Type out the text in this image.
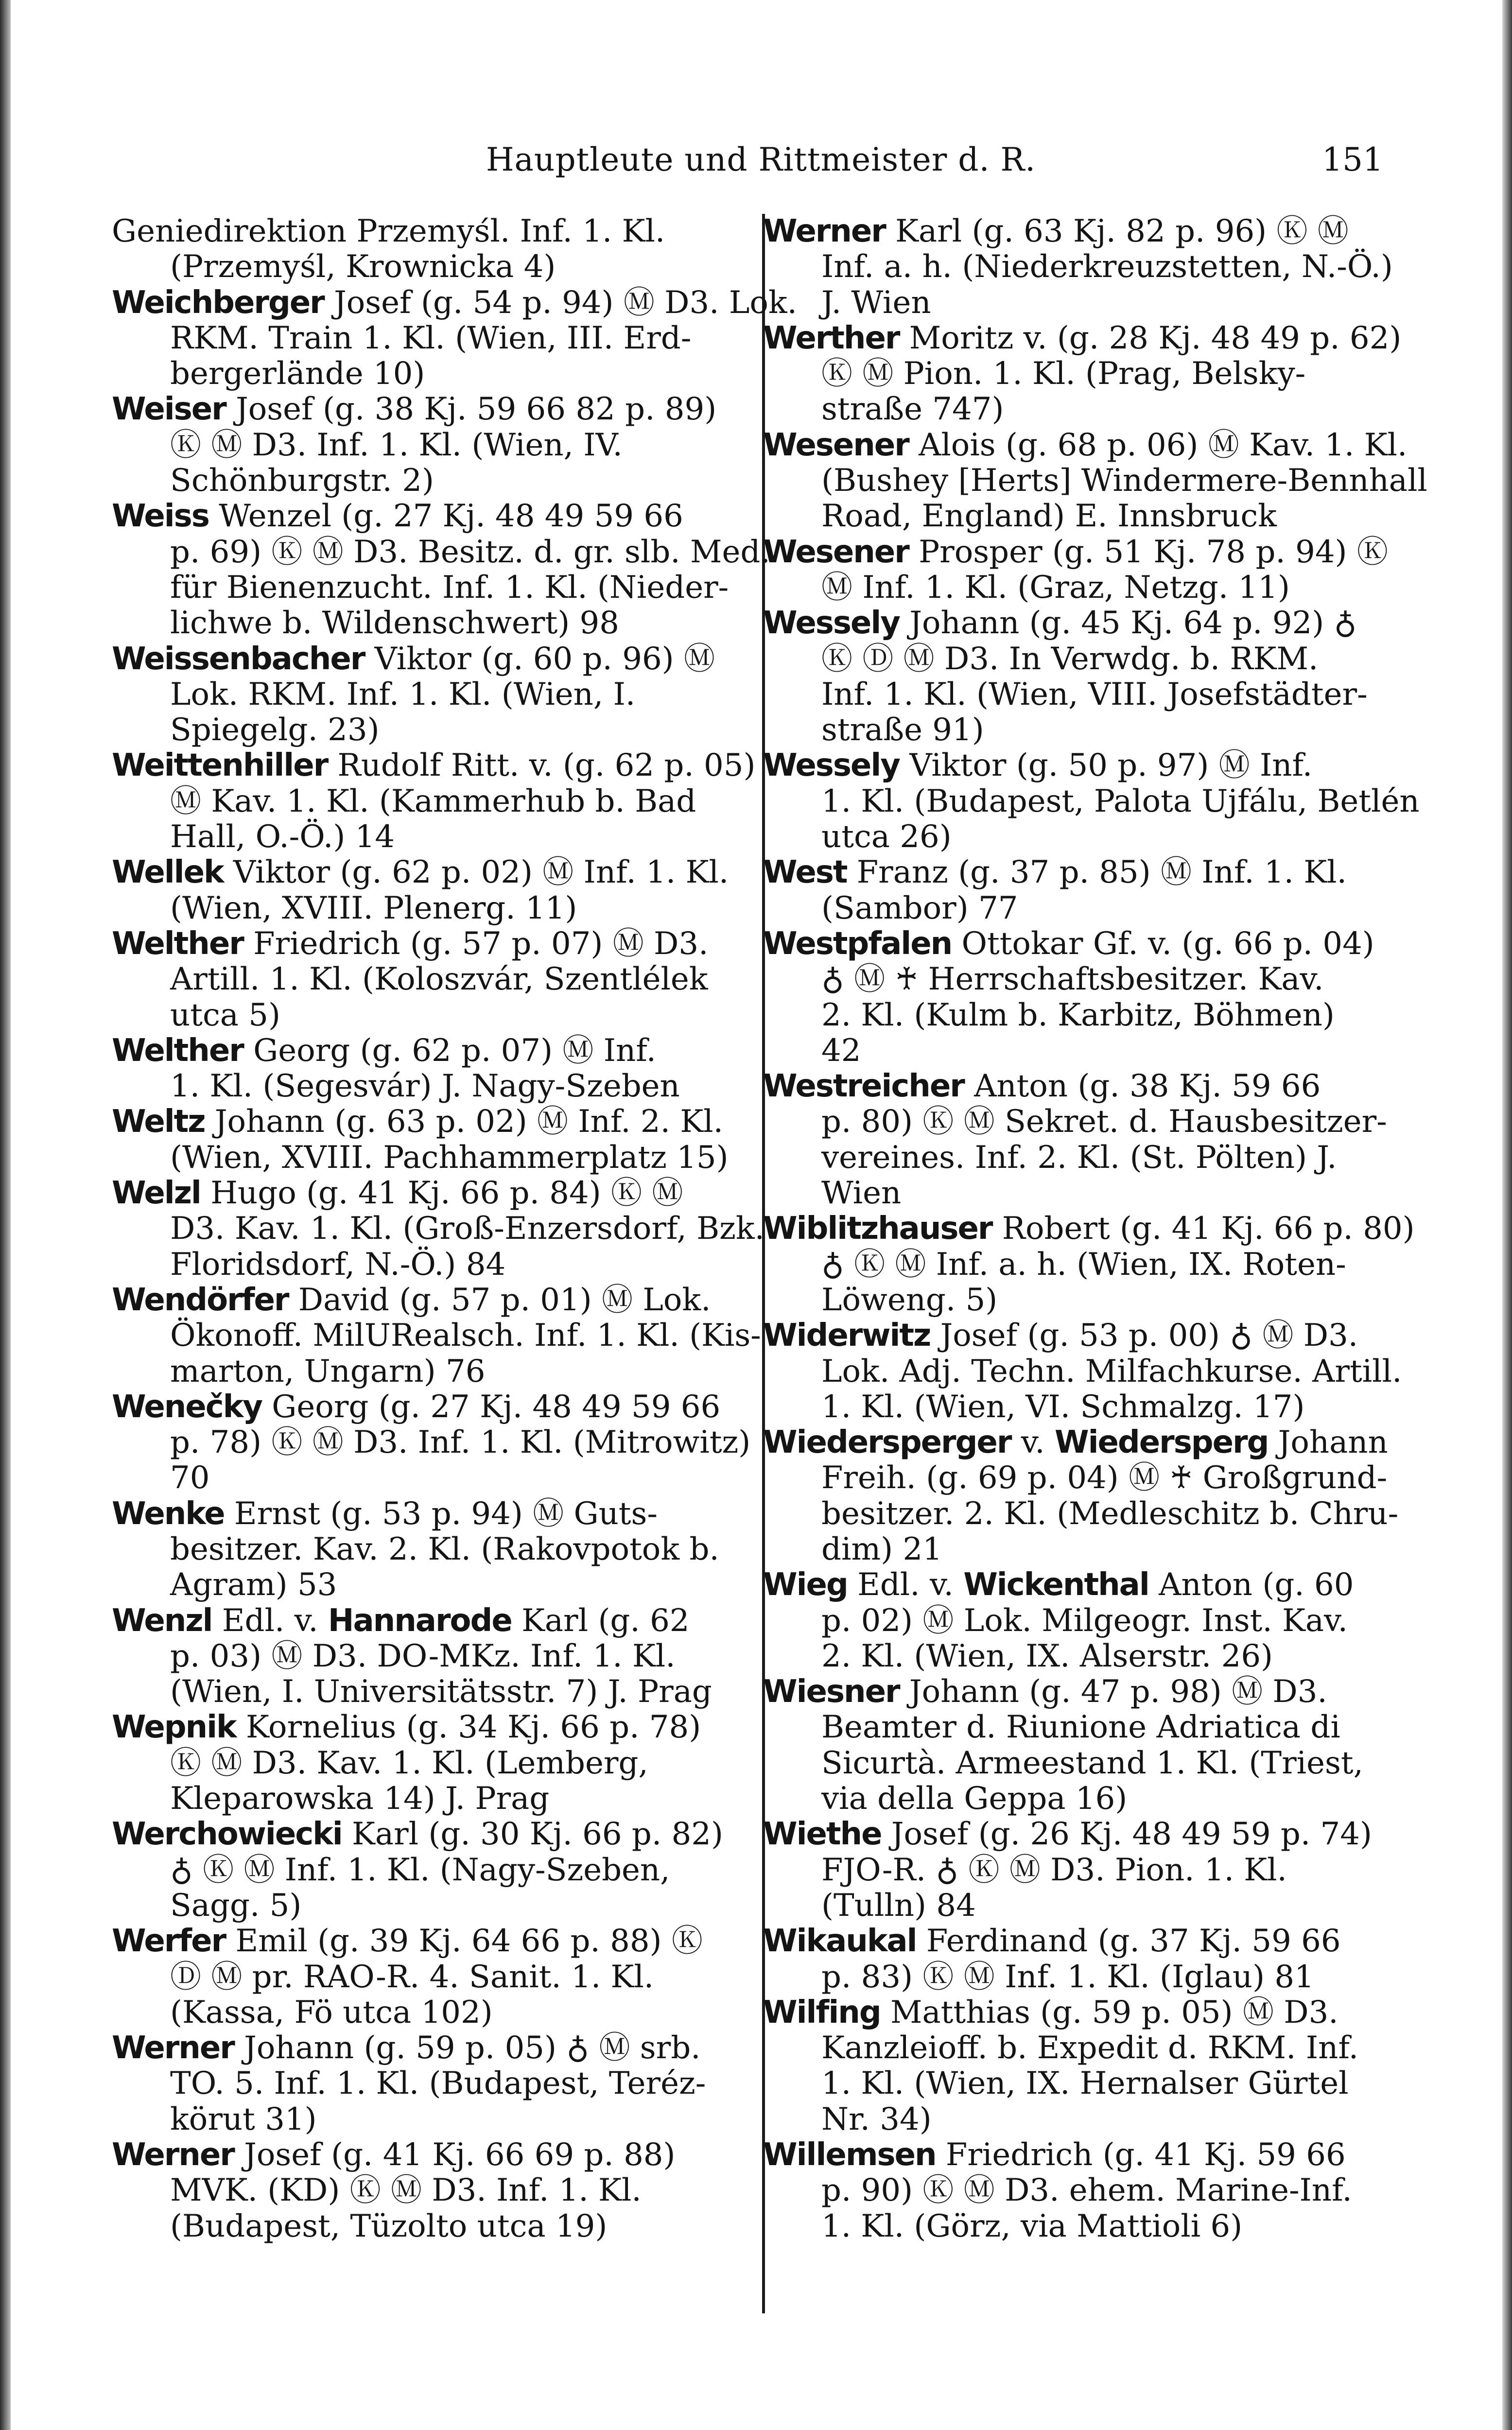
Hauptleute und Rittmeister d. R.	151
Geniedirektion Przemyśl. Inf. 1. Kl.
(Przemyśl, Krownicka 4)
Weichberger Josef (g. 54 p. 94) Ⓜ D3. Lok.
RKM. Train 1. Kl. (Wien, III. Erd-
bergerlände 10)
Weiser Josef (g. 38 Kj. 59 66 82 p. 89)
Ⓚ Ⓜ D3. Inf. 1. Kl. (Wien, IV.
Schönburgstr. 2)
Weiss Wenzel (g. 27 Kj. 48 49 59 66
p. 69) Ⓚ Ⓜ D3. Besitz. d. gr. slb. Med.
für Bienenzucht. Inf. 1. Kl. (Nieder-
lichwe b. Wildenschwert) 98
Weissenbacher Viktor (g. 60 p. 96) Ⓜ
Lok. RKM. Inf. 1. Kl. (Wien, I.
Spiegelg. 23)
Weittenhiller Rudolf Ritt. v. (g. 62 p. 05)
Ⓜ Kav. 1. Kl. (Kammerhub b. Bad
Hall, O.-Ö.) 14
Wellek Viktor (g. 62 p. 02) Ⓜ Inf. 1. Kl.
(Wien, XVIII. Plenerg. 11)
Welther Friedrich (g. 57 p. 07) Ⓜ D3.
Artill. 1. Kl. (Koloszvár, Szentlélek
utca 5)
Welther Georg (g. 62 p. 07) Ⓜ Inf.
1. Kl. (Segesvár) J. Nagy-Szeben
Weltz Johann (g. 63 p. 02) Ⓜ Inf. 2. Kl.
(Wien, XVIII. Pachhammerplatz 15)
Welzl Hugo (g. 41 Kj. 66 p. 84) Ⓚ Ⓜ
D3. Kav. 1. Kl. (Groß-Enzersdorf, Bzk.
Floridsdorf, N.-Ö.) 84
Wendörfer David (g. 57 p. 01) Ⓜ Lok.
Ökonoff. MilURealsch. Inf. 1. Kl. (Kis-
marton, Ungarn) 76
Wenečky Georg (g. 27 Kj. 48 49 59 66
p. 78) Ⓚ Ⓜ D3. Inf. 1. Kl. (Mitrowitz)
70
Wenke Ernst (g. 53 p. 94) Ⓜ Guts-
besitzer. Kav. 2. Kl. (Rakovpotok b.
Agram) 53
Wenzl Edl. v. Hannarode Karl (g. 62
p. 03) Ⓜ D3. DO-MKz. Inf. 1. Kl.
(Wien, I. Universitätsstr. 7) J. Prag
Wepnik Kornelius (g. 34 Kj. 66 p. 78)
Ⓚ Ⓜ D3. Kav. 1. Kl. (Lemberg,
Kleparowska 14) J. Prag
Werchowiecki Karl (g. 30 Kj. 66 p. 82)
♁ Ⓚ Ⓜ Inf. 1. Kl. (Nagy-Szeben,
Sagg. 5)
Werfer Emil (g. 39 Kj. 64 66 p. 88) Ⓚ
Ⓓ Ⓜ pr. RAO-R. 4. Sanit. 1. Kl.
(Kassa, Fö utca 102)
Werner Johann (g. 59 p. 05) ♁ Ⓜ srb.
TO. 5. Inf. 1. Kl. (Budapest, Teréz-
körut 31)
Werner Josef (g. 41 Kj. 66 69 p. 88)
MVK. (KD) Ⓚ Ⓜ D3. Inf. 1. Kl.
(Budapest, Tüzolto utca 19)
Werner Karl (g. 63 Kj. 82 p. 96) Ⓚ Ⓜ
Inf. a. h. (Niederkreuzstetten, N.-Ö.)
J. Wien
Werther Moritz v. (g. 28 Kj. 48 49 p. 62)
Ⓚ Ⓜ Pion. 1. Kl. (Prag, Belsky-
straße 747)
Wesener Alois (g. 68 p. 06) Ⓜ Kav. 1. Kl.
(Bushey [Herts] Windermere-Bennhall
Road, England) E. Innsbruck
Wesener Prosper (g. 51 Kj. 78 p. 94) Ⓚ
Ⓜ Inf. 1. Kl. (Graz, Netzg. 11)
Wessely Johann (g. 45 Kj. 64 p. 92) ♁
Ⓚ Ⓓ Ⓜ D3. In Verwdg. b. RKM.
Inf. 1. Kl. (Wien, VIII. Josefstädter-
straße 91)
Wessely Viktor (g. 50 p. 97) Ⓜ Inf.
1. Kl. (Budapest, Palota Ujfálu, Betlén
utca 26)
West Franz (g. 37 p. 85) Ⓜ Inf. 1. Kl.
(Sambor) 77
Westpfalen Ottokar Gf. v. (g. 66 p. 04)
♁ Ⓜ ♰ Herrschaftsbesitzer. Kav.
2. Kl. (Kulm b. Karbitz, Böhmen)
42
Westreicher Anton (g. 38 Kj. 59 66
p. 80) Ⓚ Ⓜ Sekret. d. Hausbesitzer-
vereines. Inf. 2. Kl. (St. Pölten) J.
Wien
Wiblitzhauser Robert (g. 41 Kj. 66 p. 80)
♁ Ⓚ Ⓜ Inf. a. h. (Wien, IX. Roten-
Löweng. 5)
Widerwitz Josef (g. 53 p. 00) ♁ Ⓜ D3.
Lok. Adj. Techn. Milfachkurse. Artill.
1. Kl. (Wien, VI. Schmalzg. 17)
Wiedersperger v. Wiedersperg Johann
Freih. (g. 69 p. 04) Ⓜ ♰ Großgrund-
besitzer. 2. Kl. (Medleschitz b. Chru-
dim) 21
Wieg Edl. v. Wickenthal Anton (g. 60
p. 02) Ⓜ Lok. Milgeogr. Inst. Kav.
2. Kl. (Wien, IX. Alserstr. 26)
Wiesner Johann (g. 47 p. 98) Ⓜ D3.
Beamter d. Riunione Adriatica di
Sicurtà. Armeestand 1. Kl. (Triest,
via della Geppa 16)
Wiethe Josef (g. 26 Kj. 48 49 59 p. 74)
FJO-R. ♁ Ⓚ Ⓜ D3. Pion. 1. Kl.
(Tulln) 84
Wikaukal Ferdinand (g. 37 Kj. 59 66
p. 83) Ⓚ Ⓜ Inf. 1. Kl. (Iglau) 81
Wilfing Matthias (g. 59 p. 05) Ⓜ D3.
Kanzleioff. b. Expedit d. RKM. Inf.
1. Kl. (Wien, IX. Hernalser Gürtel
Nr. 34)
Willemsen Friedrich (g. 41 Kj. 59 66
p. 90) Ⓚ Ⓜ D3. ehem. Marine-Inf.
1. Kl. (Görz, via Mattioli 6)
